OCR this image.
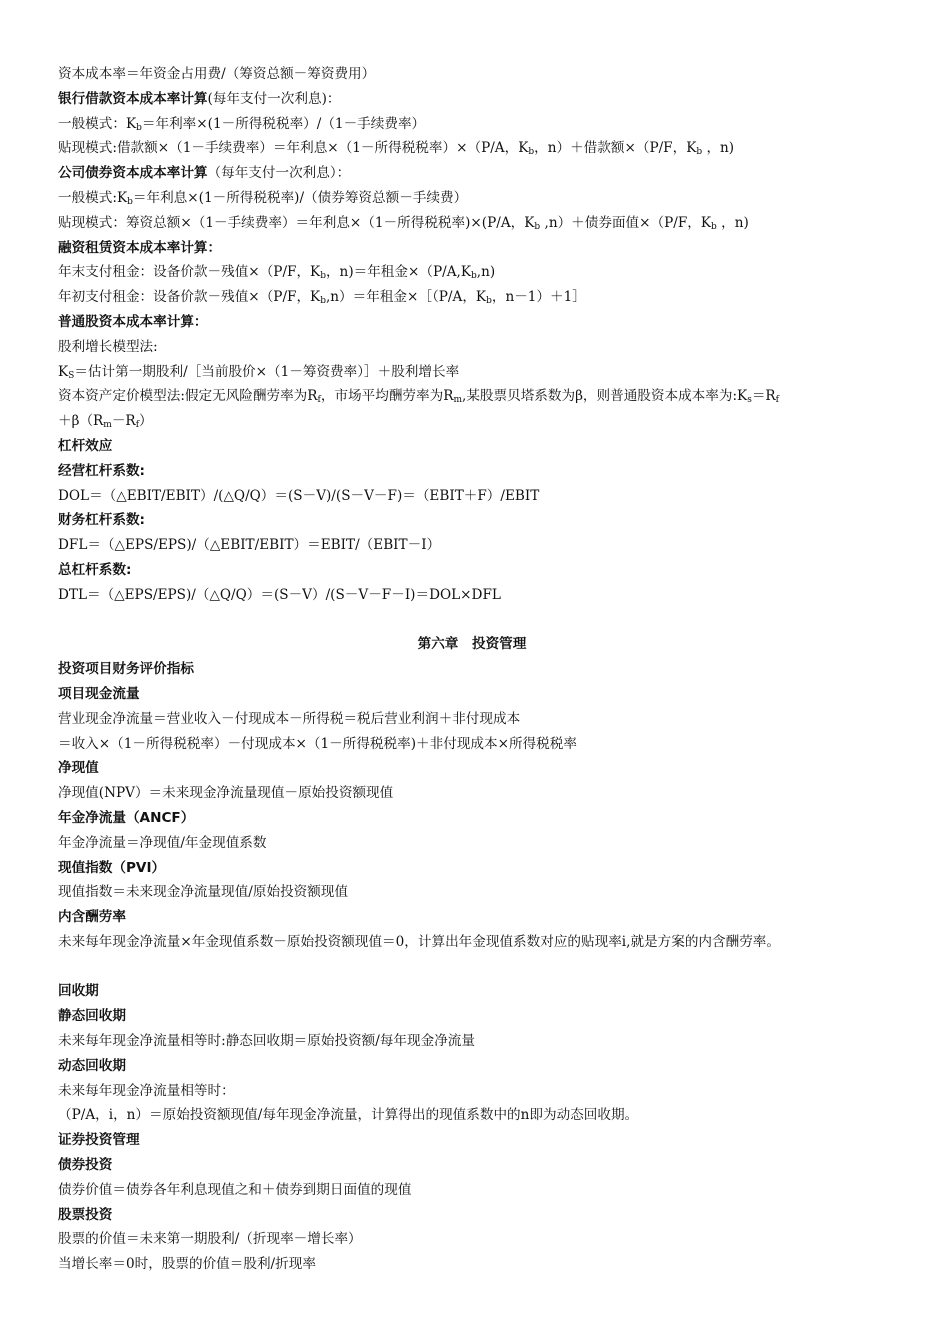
资本成本率＝年资金占用费/（筹资总额－筹资费用）
银行借款资本成本率计算(每年支付一次利息)：
一般模式：$K_b=$年利率×(1－所得税税率）/（1－手续费率）
贴现模式:借款额×（1－手续费率）＝年利息×（1－所得税税率）×（P/A，$K_b$，n）＋借款额×（P/F，$K_b$ ，n)
公司债券资本成本率计算（每年支付一次利息）：
一般模式$:K_b=$年利息×(1－所得税税率)/（债券筹资总额－手续费）
贴现模式：筹资总额×（1－手续费率）＝年利息×（1－所得税税率)×(P/A，$K_b$ ,n）＋债券面值×（P/F，$K_b$ ，n)
融资租赁资本成本率计算：
年末支付租金：设备价款－残值×（P/F，$K_b$，n)＝年租金$\times(P/A,K_b,n)$
年初支付租金：设备价款－残值×（P/F，$K_b,n)=$年租金×［（P/A，$K_b$，n－1）＋1］
普通股资本成本率计算：
股利增长模型法:
$K_S=$估计第一期股利/［当前股价×（1－筹资费率）］＋股利增长率
资本资产定价模型法:假定无风险酬劳率为$R_f$，市场平均酬劳率为$R_m$,某股票贝塔系数为β，则普通股资本成本率为$:K_s=R_f$
$+\beta(R_m-R_f)$
杠杆效应
经营杠杆系数:
DOL＝（△EBIT/EBIT）/(△Q/Q）＝(S－V)/(S－V－F)＝（EBIT＋F）/EBIT
财务杠杆系数:
DFL＝（△EPS/EPS)/（△EBIT/EBIT）＝EBIT/（EBIT－I）
总杠杆系数:
DTL＝（△EPS/EPS)/（△Q/Q）＝(S－V）/(S－V－F－I)＝DOL×DFL
第六章　投资管理
投资项目财务评价指标
项目现金流量
营业现金净流量＝营业收入－付现成本－所得税＝税后营业利润＋非付现成本
＝收入×（1－所得税税率）－付现成本×（1－所得税税率)＋非付现成本×所得税税率
净现值
净现值(NPV）＝未来现金净流量现值－原始投资额现值
年金净流量（ANCF）
年金净流量＝净现值/年金现值系数
现值指数（PVI）
现值指数＝未来现金净流量现值/原始投资额现值
内含酬劳率
未来每年现金净流量×年金现值系数－原始投资额现值＝0，计算出年金现值系数对应的贴现率i,就是方案的内含酬劳率。
回收期
静态回收期
未来每年现金净流量相等时:静态回收期＝原始投资额/每年现金净流量
动态回收期
未来每年现金净流量相等时：
（P/A，i，n）＝原始投资额现值/每年现金净流量，计算得出的现值系数中的n即为动态回收期。
证券投资管理
债券投资
债券价值＝债券各年利息现值之和＋债券到期日面值的现值
股票投资
股票的价值＝未来第一期股利/（折现率－增长率）
当增长率＝0时，股票的价值＝股利/折现率
